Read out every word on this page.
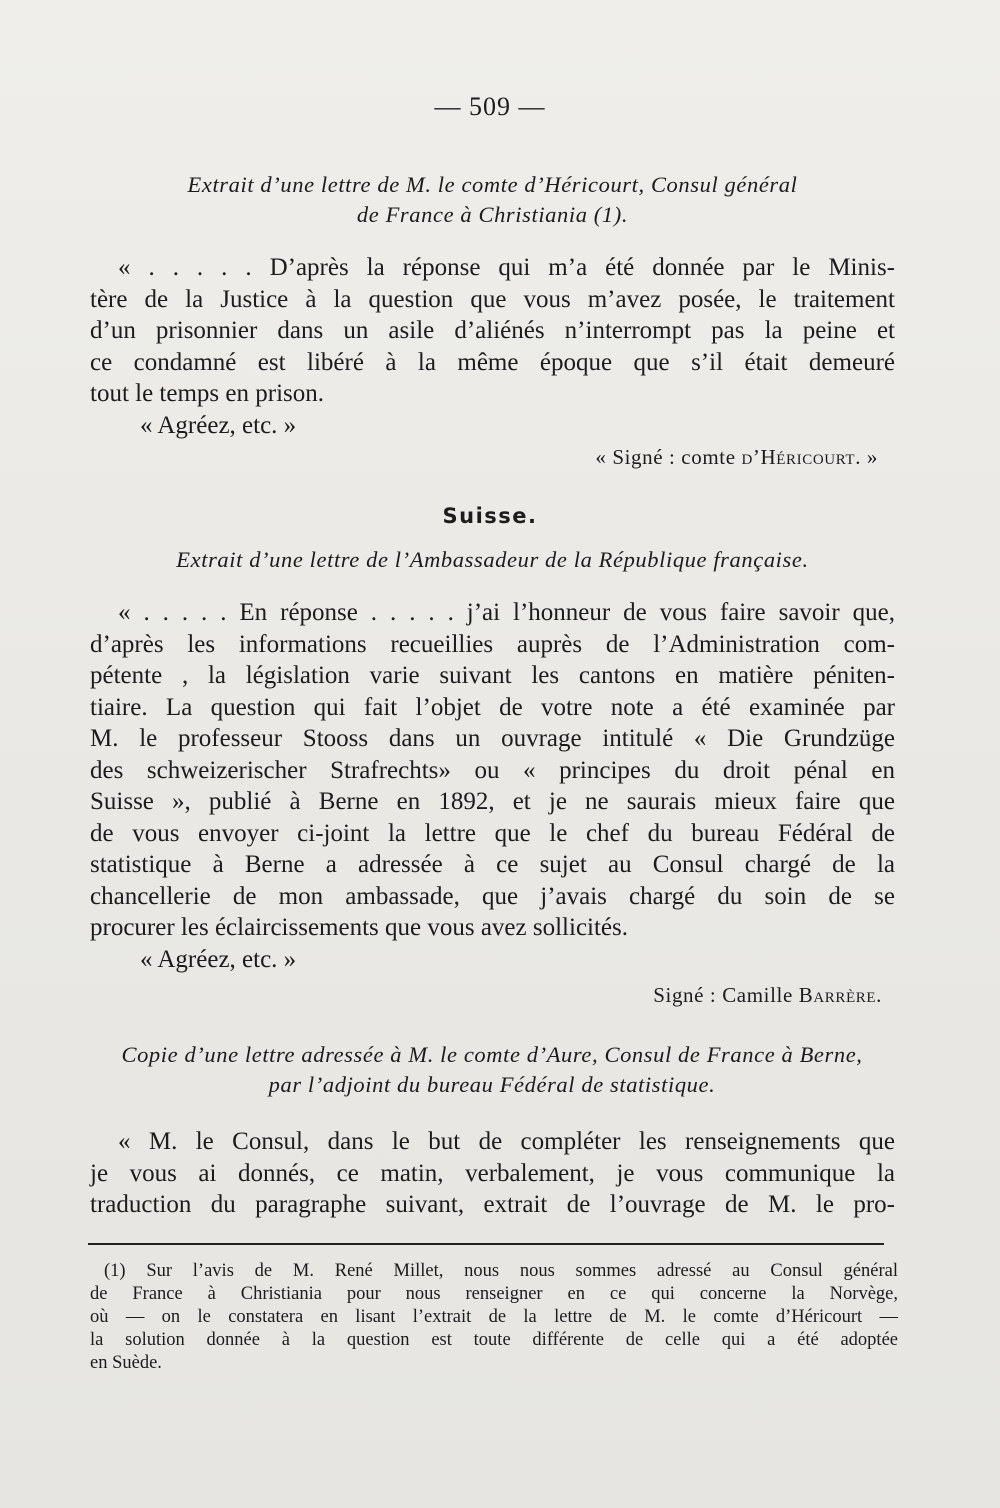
— 509 —
Extrait d’une lettre de M. le comte d’Héricourt, Consul général
de France à Christiania (1).
« . . . . . D’après la réponse qui m’a été donnée par le Minis-
tère de la Justice à la question que vous m’avez posée, le traitement
d’un prisonnier dans un asile d’aliénés n’interrompt pas la peine et
ce condamné est libéré à la même époque que s’il était demeuré
tout le temps en prison.
« Agréez, etc. »
« Signé : comte d’Héricourt. »
Suisse.
Extrait d’une lettre de l’Ambassadeur de la République française.
« . . . . . En réponse . . . . . j’ai l’honneur de vous faire savoir que,
d’après les informations recueillies auprès de l’Administration com-
pétente , la législation varie suivant les cantons en matière péniten-
tiaire. La question qui fait l’objet de votre note a été examinée par
M. le professeur Stooss dans un ouvrage intitulé « Die Grundzüge
des schweizerischer Strafrechts» ou « principes du droit pénal en
Suisse », publié à Berne en 1892, et je ne saurais mieux faire que
de vous envoyer ci-joint la lettre que le chef du bureau Fédéral de
statistique à Berne a adressée à ce sujet au Consul chargé de la
chancellerie de mon ambassade, que j’avais chargé du soin de se
procurer les éclaircissements que vous avez sollicités.
« Agréez, etc. »
Signé : Camille Barrère.
Copie d’une lettre adressée à M. le comte d’Aure, Consul de France à Berne,
par l’adjoint du bureau Fédéral de statistique.
« M. le Consul, dans le but de compléter les renseignements que
je vous ai donnés, ce matin, verbalement, je vous communique la
traduction du paragraphe suivant, extrait de l’ouvrage de M. le pro-
(1) Sur l’avis de M. René Millet, nous nous sommes adressé au Consul général
de France à Christiania pour nous renseigner en ce qui concerne la Norvège,
où — on le constatera en lisant l’extrait de la lettre de M. le comte d’Héricourt —
la solution donnée à la question est toute différente de celle qui a été adoptée
en Suède.
